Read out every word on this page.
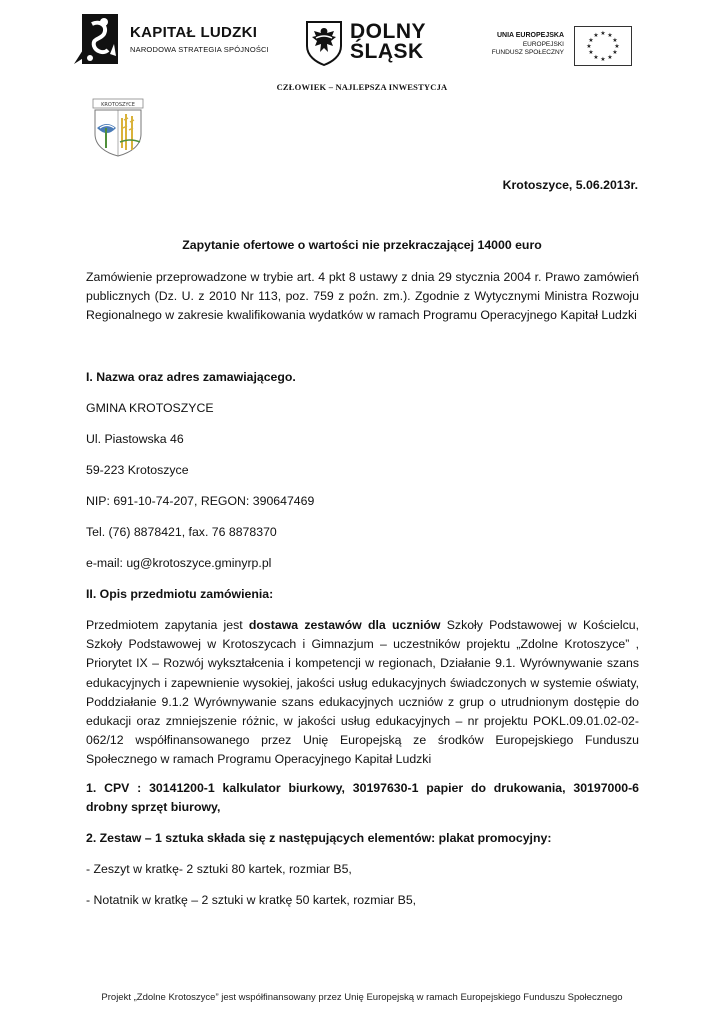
KAPITAŁ LUDZKI
NARODOWA STRATEGIA SPÓJNOŚCI
DOLNY
ŚLĄSK
UNIA EUROPEJSKA
EUROPEJSKI
FUNDUSZ SPOŁECZNY
★ ★
★
★
★
★
★
★
★
★
★
★
CZŁOWIEK – NAJLEPSZA INWESTYCJA
KROTOSZYCE
Krotoszyce, 5.06.2013r.
Zapytanie ofertowe o wartości nie przekraczającej 14000 euro
Zamówienie przeprowadzone w trybie art. 4 pkt 8 ustawy z dnia 29 stycznia 2004 r. Prawo zamówień publicznych (Dz. U. z 2010 Nr 113, poz. 759 z poźn. zm.). Zgodnie z Wytycznymi Ministra Rozwoju Regionalnego w zakresie kwalifikowania wydatków w ramach Programu Operacyjnego Kapitał Ludzki
I. Nazwa oraz adres zamawiającego.
GMINA KROTOSZYCE
Ul. Piastowska 46
59-223 Krotoszyce
NIP: 691-10-74-207, REGON: 390647469
Tel. (76) 8878421, fax. 76 8878370
e-mail: ug@krotoszyce.gminyrp.pl
II. Opis przedmiotu zamówienia:
Przedmiotem zapytania jest dostawa zestawów dla uczniów Szkoły Podstawowej w Kościelcu, Szkoły Podstawowej w Krotoszycach i Gimnazjum – uczestników projektu „Zdolne Krotoszyce” , Priorytet IX – Rozwój wykształcenia i kompetencji w regionach, Działanie 9.1. Wyrównywanie szans edukacyjnych i zapewnienie wysokiej, jakości usług edukacyjnych świadczonych w systemie oświaty, Poddziałanie 9.1.2 Wyrównywanie szans edukacyjnych uczniów z grup o utrudnionym dostępie do edukacji oraz zmniejszenie różnic, w jakości usług edukacyjnych – nr projektu POKL.09.01.02-02-062/12 współfinansowanego przez Unię Europejską ze środków Europejskiego Funduszu Społecznego w ramach Programu Operacyjnego Kapitał Ludzki
1. CPV : 30141200-1 kalkulator biurkowy, 30197630-1 papier do drukowania, 30197000-6 drobny sprzęt biurowy,
2. Zestaw – 1 sztuka składa się z następujących elementów: plakat promocyjny:
- Zeszyt w kratkę- 2 sztuki 80 kartek, rozmiar B5,
- Notatnik w kratkę – 2 sztuki w kratkę 50 kartek, rozmiar B5,
Projekt „Zdolne Krotoszyce” jest współfinansowany przez Unię Europejską w ramach Europejskiego Funduszu Społecznego
